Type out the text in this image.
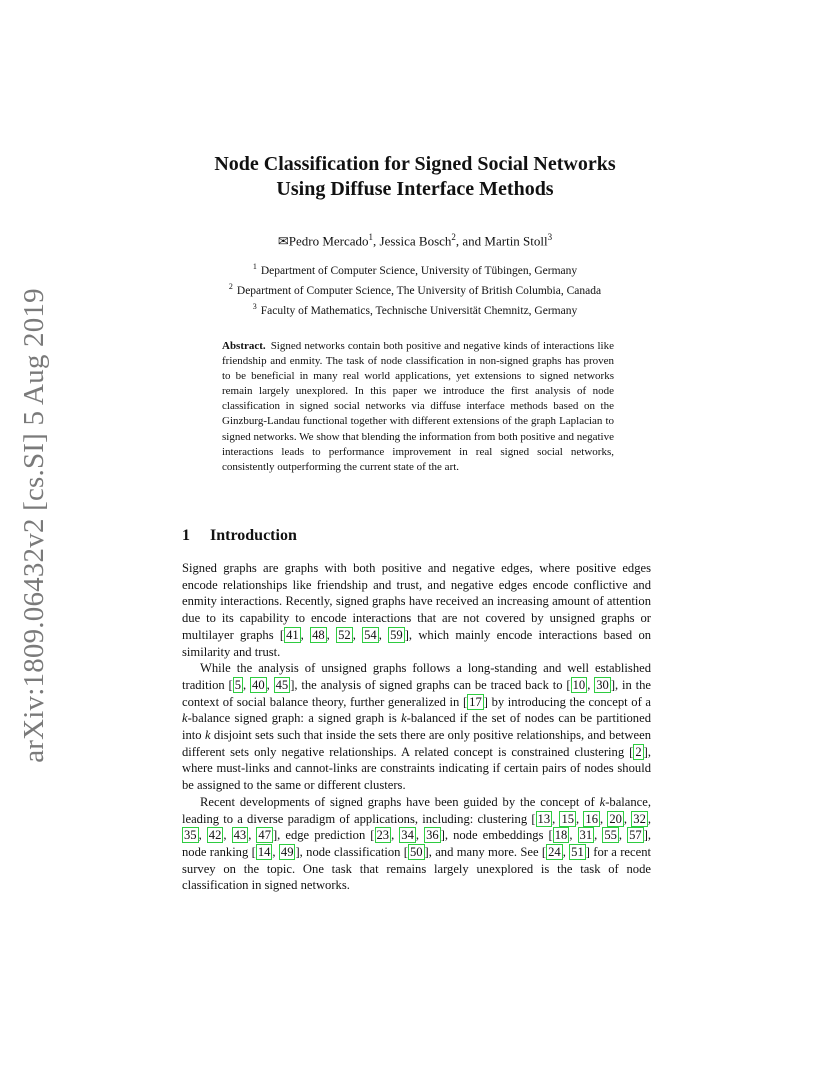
arXiv:1809.06432v2 [cs.SI] 5 Aug 2019
Node Classification for Signed Social Networks
Using Diffuse Interface Methods
✉Pedro Mercado$^1$, Jessica Bosch$^2$, and Martin Stoll$^3$
$^1$ Department of Computer Science, University of Tübingen, Germany
$^2$ Department of Computer Science, The University of British Columbia, Canada
$^3$ Faculty of Mathematics, Technische Universität Chemnitz, Germany
Abstract. Signed networks contain both positive and negative kinds of interactions like friendship and enmity. The task of node classification in non-signed graphs has proven to be beneficial in many real world applications, yet extensions to signed networks remain largely unexplored. In this paper we introduce the first analysis of node classification in signed social networks via diffuse interface methods based on the Ginzburg-Landau functional together with different extensions of the graph Laplacian to signed networks. We show that blending the information from both positive and negative interactions leads to performance improvement in real signed social networks, consistently outperforming the current state of the art.
1 Introduction

Signed graphs are graphs with both positive and negative edges, where positive edges encode relationships like friendship and trust, and negative edges encode conflictive and enmity interactions. Recently, signed graphs have received an increasing amount of attention due to its capability to encode interactions that are not covered by unsigned graphs or multilayer graphs [ 41 , 48 , 52 , 54 , 59 ], which mainly encode interactions based on similarity and trust.

While the analysis of unsigned graphs follows a long-standing and well established tradition [ 5 , 40 , 45 ], the analysis of signed graphs can be traced back to [ 10 , 30 ], in the context of social balance theory, further generalized in [ 17 ] by introducing the concept of a k-balance signed graph: a signed graph is k-balanced if the set of nodes can be partitioned into k disjoint sets such that inside the sets there are only positive relationships, and between different sets only negative relationships. A related concept is constrained clustering [ 2 ], where must-links and cannot-links are constraints indicating if certain pairs of nodes should be assigned to the same or different clusters.

Recent developments of signed graphs have been guided by the concept of k-balance, leading to a diverse paradigm of applications, including: clustering [ 13 , 15 , 16 , 20 , 32 , 35 , 42 , 43 , 47 ], edge prediction [ 23 , 34 , 36 ], node embeddings [ 18 , 31 , 55 , 57 ], node ranking [ 14 , 49 ], node classification [ 50 ], and many more. See [ 24 , 51 ] for a recent survey on the topic. One task that remains largely unexplored is the task of node classification in signed networks.
